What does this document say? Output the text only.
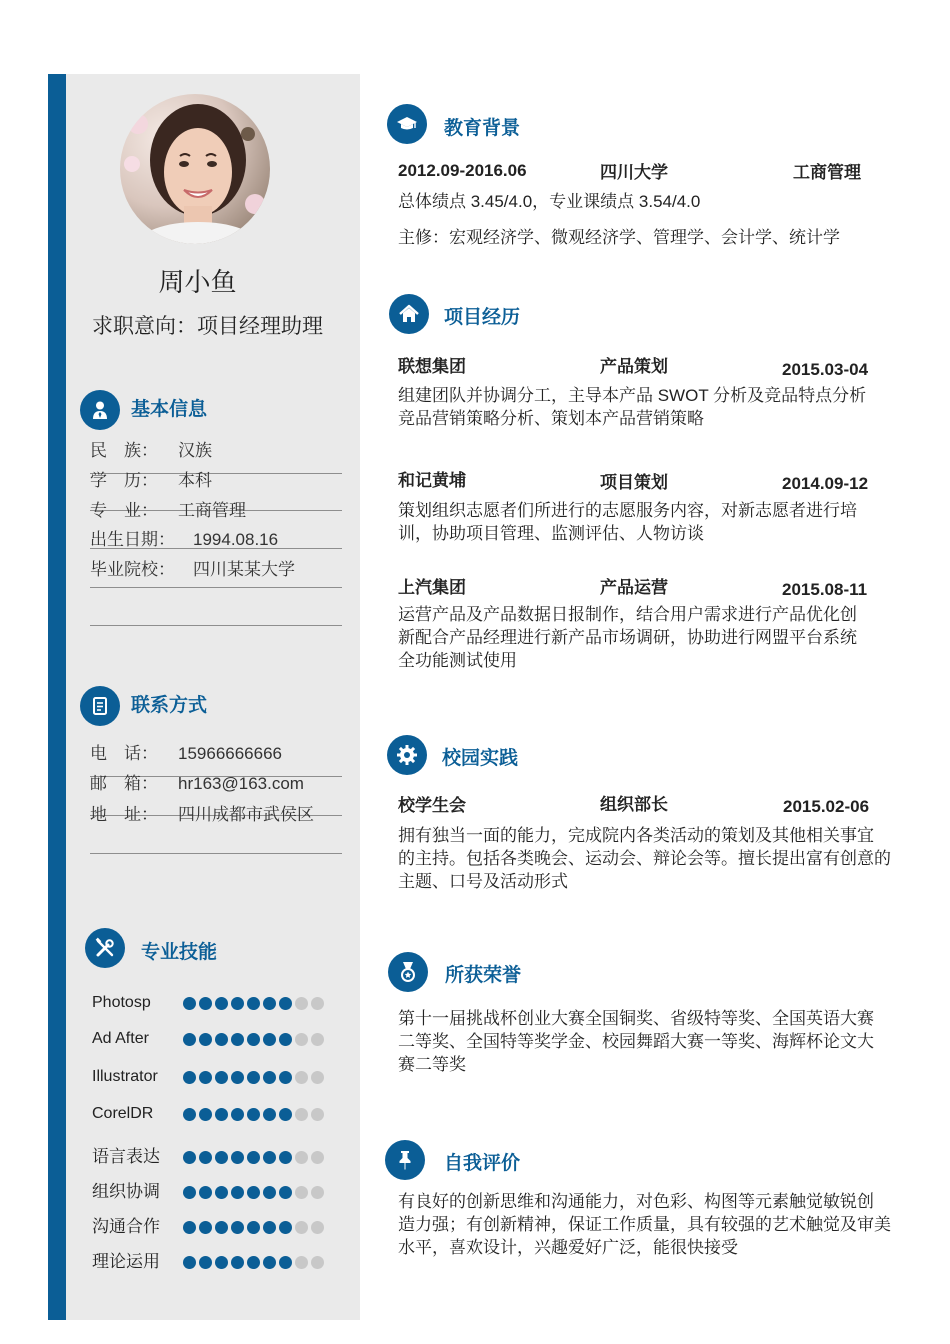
周小鱼
求职意向：项目经理助理
基本信息
民　族： 汉族
学　历： 本科
专　业： 工商管理
出生日期： 1994.08.16
毕业院校： 四川某某大学
联系方式
电　话： 15966666666
邮　箱： hr163@163.com
地　址： 四川成都市武侯区
专业技能
Photosp
Ad After
Illustrator
CorelDR
语言表达
组织协调
沟通合作
理论运用
教育背景
2012.09-2016.06	四川大学	工商管理
总体绩点 3.45/4.0，专业课绩点 3.54/4.0
主修：宏观经济学、微观经济学、管理学、会计学、统计学
项目经历
联想集团	产品策划	2015.03-04
组建团队并协调分工，主导本产品 SWOT 分析及竞品特点分析
竞品营销策略分析、策划本产品营销策略
和记黄埔	项目策划	2014.09-12
策划组织志愿者们所进行的志愿服务内容，对新志愿者进行培
训，协助项目管理、监测评估、人物访谈
上汽集团	产品运营	2015.08-11
运营产品及产品数据日报制作，结合用户需求进行产品优化创
新配合产品经理进行新产品市场调研，协助进行网盟平台系统
全功能测试使用
校园实践
校学生会	组织部长	2015.02-06
拥有独当一面的能力，完成院内各类活动的策划及其他相关事宜
的主持。包括各类晚会、运动会、辩论会等。擅长提出富有创意的
主题、口号及活动形式
所获荣誉
第十一届挑战杯创业大赛全国铜奖、省级特等奖、全国英语大赛
二等奖、全国特等奖学金、校园舞蹈大赛一等奖、海辉杯论文大
赛二等奖
自我评价
有良好的创新思维和沟通能力，对色彩、构图等元素触觉敏锐创
造力强；有创新精神，保证工作质量，具有较强的艺术触觉及审美
水平，喜欢设计，兴趣爱好广泛，能很快接受
